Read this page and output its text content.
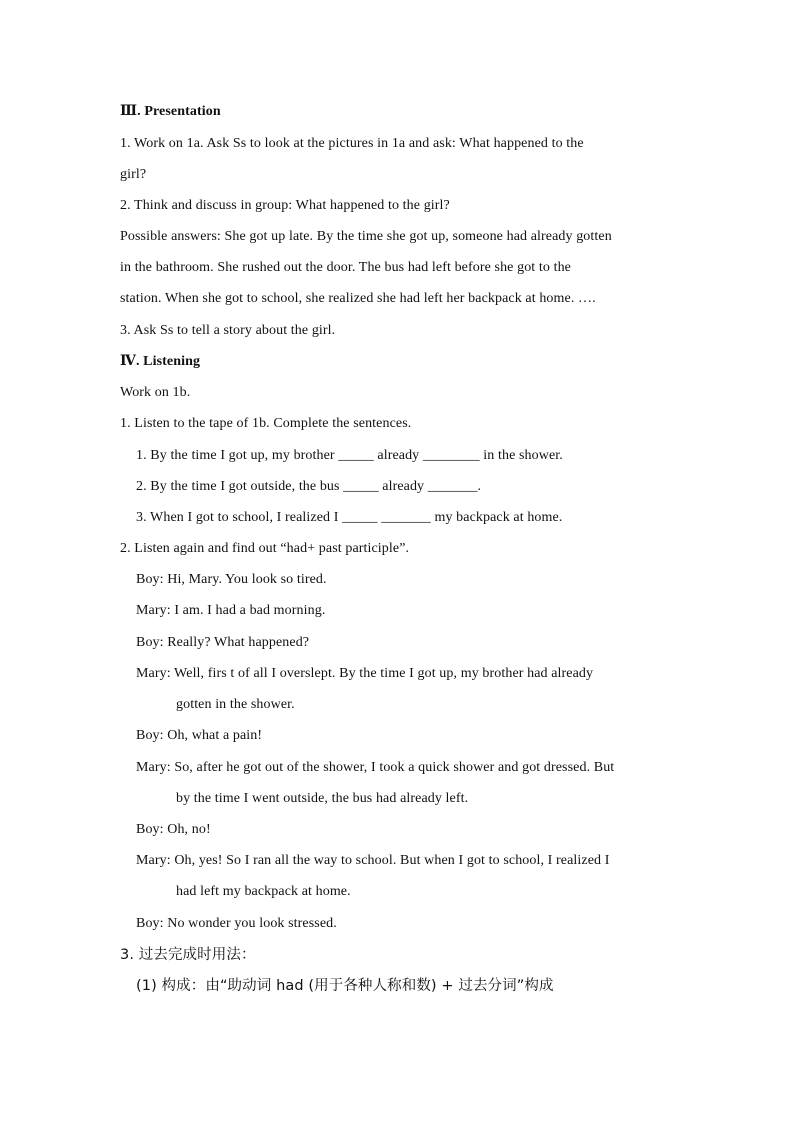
Ⅲ. Presentation
1. Work on 1a. Ask Ss to look at the pictures in 1a and ask: What happened to the
girl?
2. Think and discuss in group: What happened to the girl?
Possible answers: She got up late. By the time she got up, someone had already gotten
in the bathroom. She rushed out the door. The bus had left before she got to the
station. When she got to school, she realized she had left her backpack at home. ….
3. Ask Ss to tell a story about the girl.
Ⅳ. Listening
Work on 1b.
1. Listen to the tape of 1b. Complete the sentences.
1. By the time I got up, my brother _____ already ________ in the shower.
2. By the time I got outside, the bus _____ already _______.
3. When I got to school, I realized I _____ _______ my backpack at home.
2. Listen again and find out “had+ past participle”.
Boy: Hi, Mary. You look so tired.
Mary: I am. I had a bad morning.
Boy: Really? What happened?
Mary: Well, firs t of all I overslept. By the time I got up, my brother had already
gotten in the shower.
Boy: Oh, what a pain!
Mary: So, after he got out of the shower, I took a quick shower and got dressed. But
by the time I went outside, the bus had already left.
Boy: Oh, no!
Mary: Oh, yes! So I ran all the way to school. But when I got to school, I realized I
had left my backpack at home.
Boy: No wonder you look stressed.
3. 过去完成时用法：
(1) 构成：由“助动词 had (用于各种人称和数) + 过去分词”构成
